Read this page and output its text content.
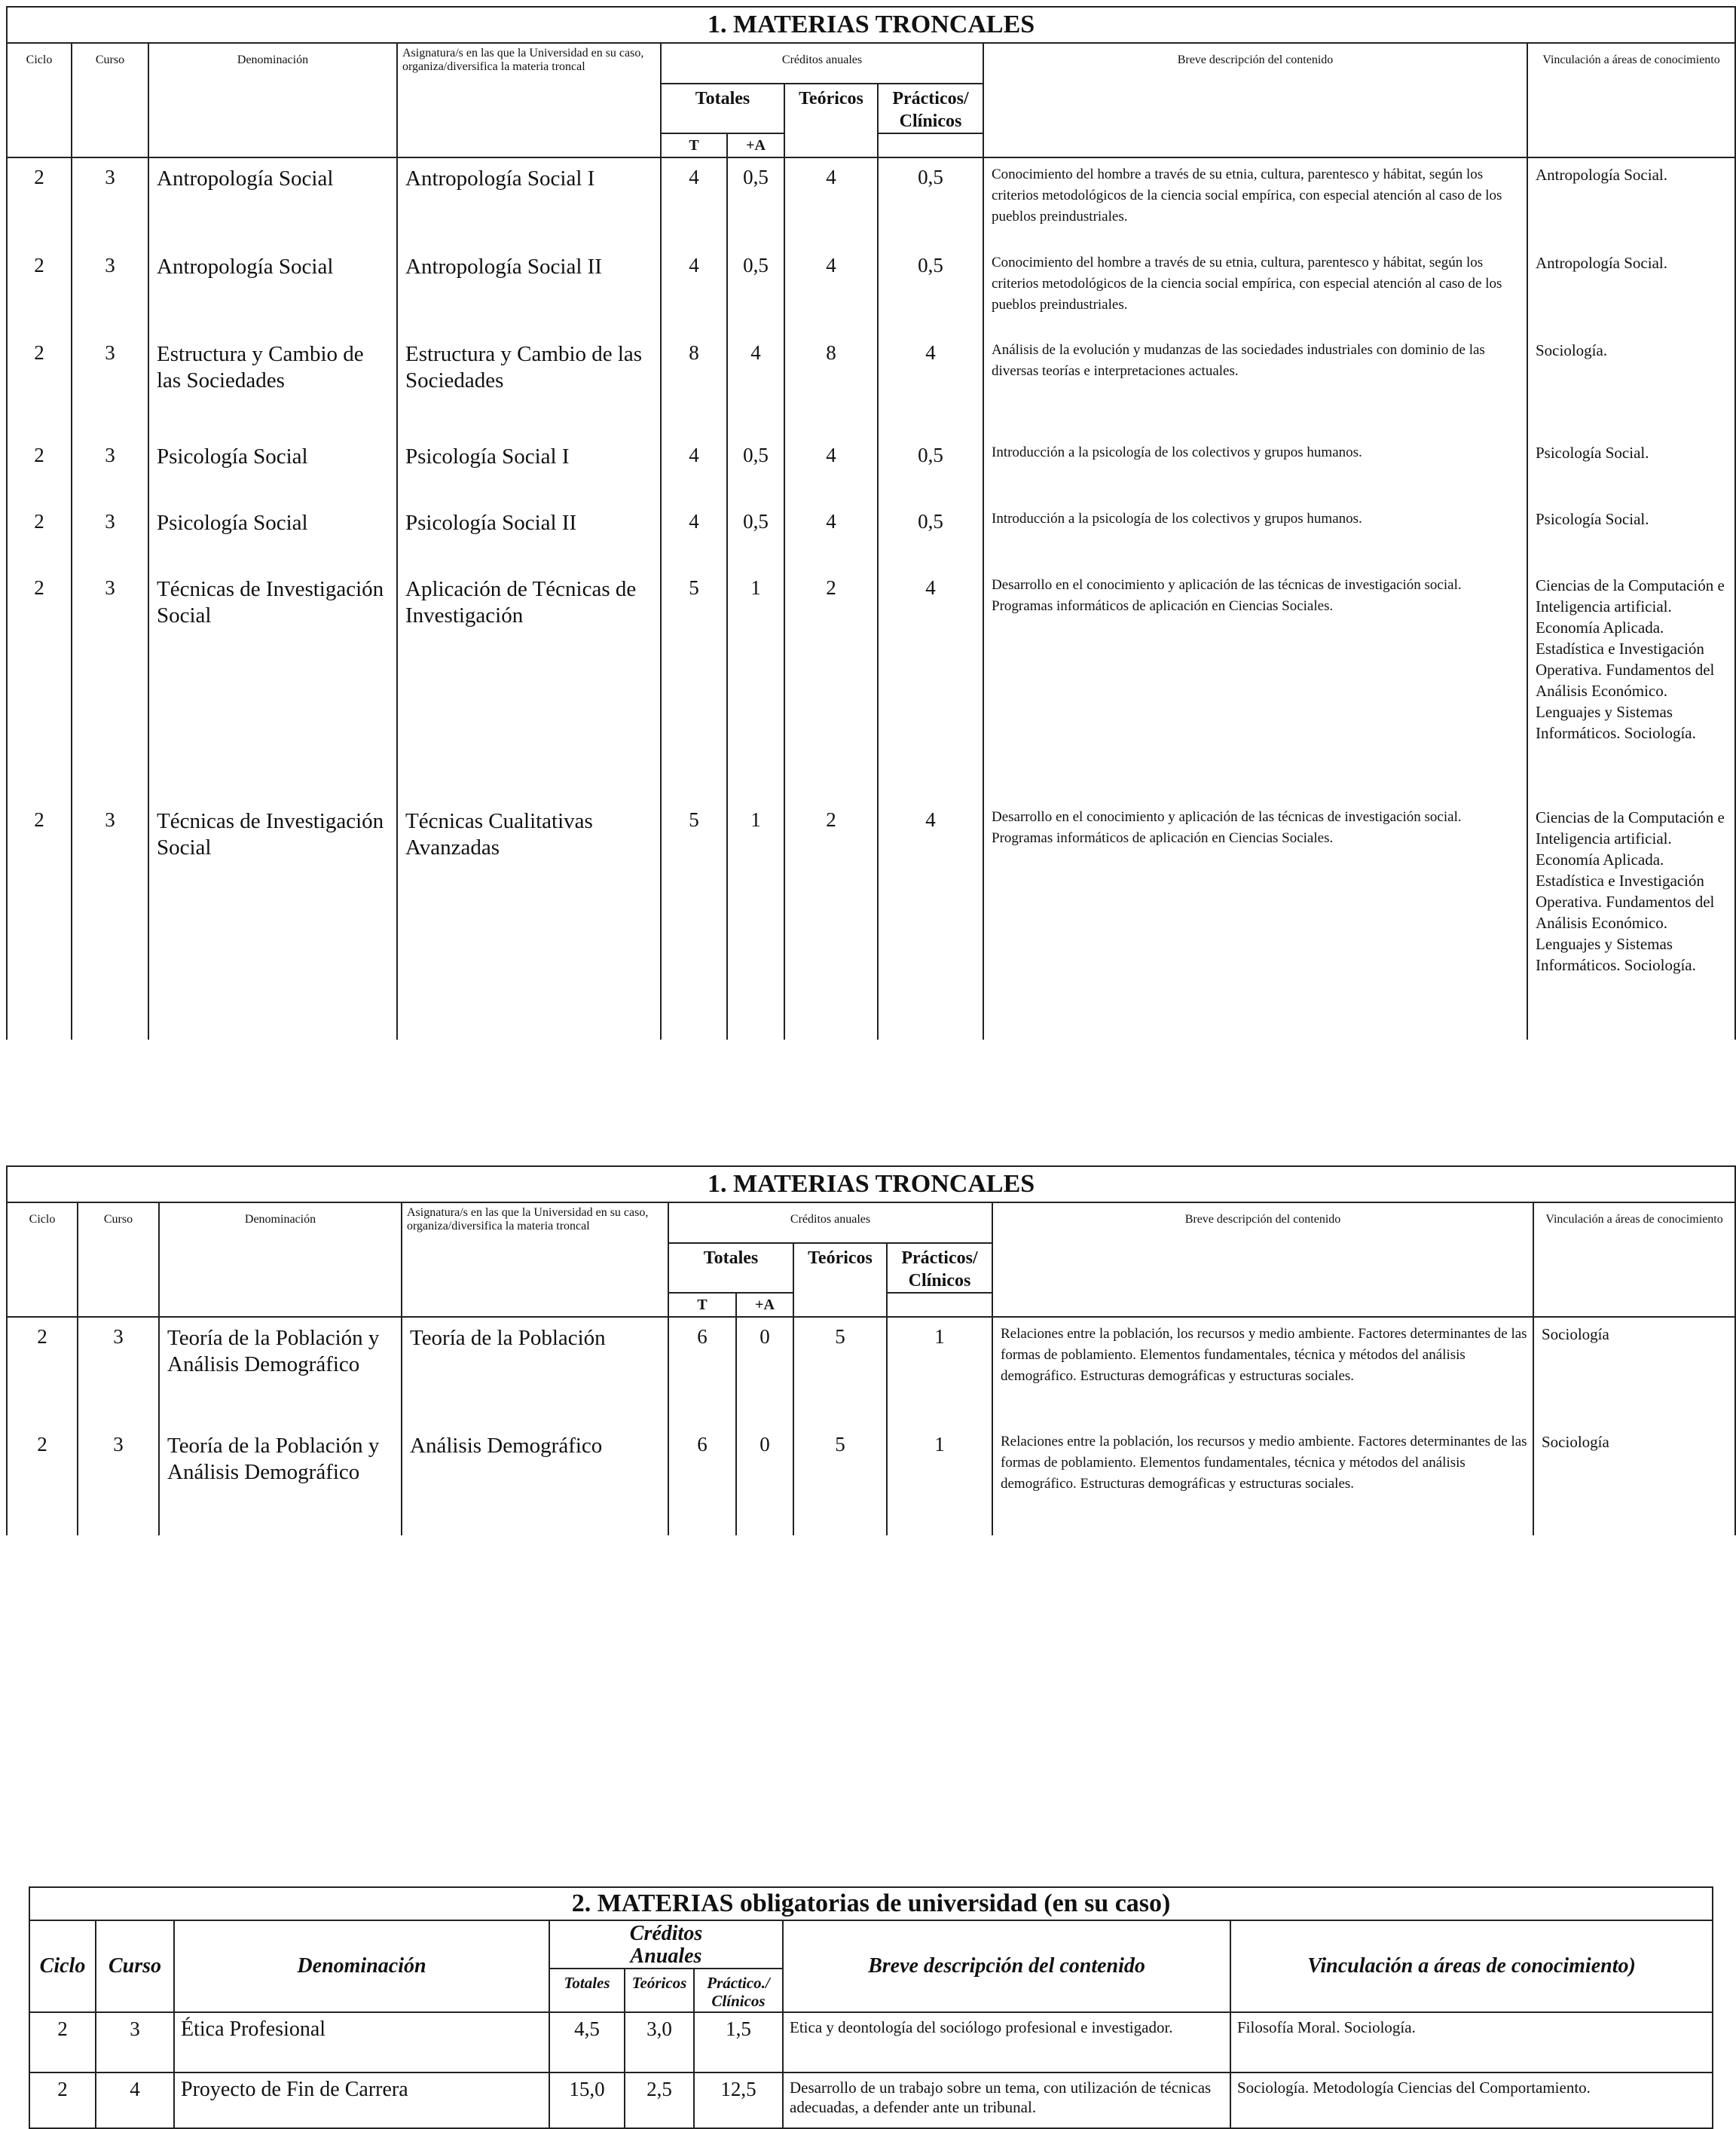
1. MATERIAS TRONCALES									
Ciclo	Curso	Denominación	Asignatura/s en las que la Universidad en su caso, organiza/diversifica la materia troncal	Créditos anuales				Breve descripción del contenido	Vinculación a áreas de conocimiento
				Totales		Teóricos	Prácticos/ Clínicos		
				T	+A				
2	3	Antropología Social	Antropología Social I	4	0,5	4	0,5	Conocimiento del hombre a través de su etnia, cultura, parentesco y hábitat, según los criterios metodológicos de la ciencia social empírica, con especial atención al caso de los pueblos preindustriales.	Antropología Social.
2	3	Antropología Social	Antropología Social II	4	0,5	4	0,5	Conocimiento del hombre a través de su etnia, cultura, parentesco y hábitat, según los criterios metodológicos de la ciencia social empírica, con especial atención al caso de los pueblos preindustriales.	Antropología Social.
2	3	Estructura y Cambio de las Sociedades	Estructura y Cambio de las Sociedades	8	4	8	4	Análisis de la evolución y mudanzas de las sociedades industriales con dominio de las diversas teorías e interpretaciones actuales.	Sociología.
2	3	Psicología Social	Psicología Social I	4	0,5	4	0,5	Introducción a la psicología de los colectivos y grupos humanos.	Psicología Social.
2	3	Psicología Social	Psicología Social II	4	0,5	4	0,5	Introducción a la psicología de los colectivos y grupos humanos.	Psicología Social.
2	3	Técnicas de Investigación Social	Aplicación de Técnicas de Investigación	5	1	2	4	Desarrollo en el conocimiento y aplicación de las técnicas de investigación social. Programas informáticos de aplicación en Ciencias Sociales.	Ciencias de la Computación e Inteligencia artificial. Economía Aplicada. Estadística e Investigación Operativa. Fundamentos del Análisis Económico. Lenguajes y Sistemas Informáticos. Sociología.
2	3	Técnicas de Investigación Social	Técnicas Cualitativas Avanzadas	5	1	2	4	Desarrollo en el conocimiento y aplicación de las técnicas de investigación social. Programas informáticos de aplicación en Ciencias Sociales.	Ciencias de la Computación e Inteligencia artificial. Economía Aplicada. Estadística e Investigación Operativa. Fundamentos del Análisis Económico. Lenguajes y Sistemas Informáticos. Sociología.
1. MATERIAS TRONCALES									
Ciclo	Curso	Denominación	Asignatura/s en las que la Universidad en su caso, organiza/diversifica la materia troncal	Créditos anuales				Breve descripción del contenido	Vinculación a áreas de conocimiento
				Totales		Teóricos	Prácticos/ Clínicos		
				T	+A				
2	3	Teoría de la Población y Análisis Demográfico	Teoría de la Población	6	0	5	1	Relaciones entre la población, los recursos y medio ambiente. Factores determinantes de las formas de poblamiento. Elementos fundamentales, técnica y métodos del análisis demográfico. Estructuras demográficas y estructuras sociales.	Sociología
2	3	Teoría de la Población y Análisis Demográfico	Análisis Demográfico	6	0	5	1	Relaciones entre la población, los recursos y medio ambiente. Factores determinantes de las formas de poblamiento. Elementos fundamentales, técnica y métodos del análisis demográfico. Estructuras demográficas y estructuras sociales.	Sociología
2. MATERIAS obligatorias de universidad (en su caso)							
Ciclo	Curso	Denominación	Créditos Anuales			Breve descripción del contenido	Vinculación a áreas de conocimiento)
			Totales	Teóricos	Práctico./ Clínicos		

2	3	Ética Profesional	4,5	3,0	1,5	Etica y deontología del sociólogo profesional e investigador.	Filosofía Moral. Sociología.
2	4	Proyecto de Fin de Carrera	15,0	2,5	12,5	Desarrollo de un trabajo sobre un tema, con utilización de técnicas adecuadas, a defender ante un tribunal.	Sociología. Metodología Ciencias del Comportamiento.
